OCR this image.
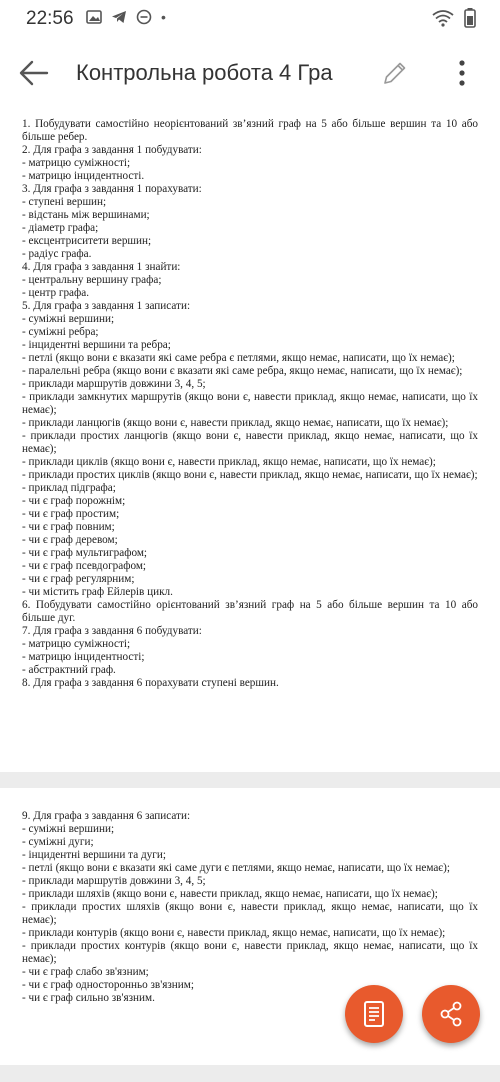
22:56	•
Контрольна робота 4 Гра

1. Побудувати самостійно неорієнтований зв’язний граф на 5 або більше вершин та 10 або більше ребер.

2. Для графа з завдання 1 побудувати:

- матрицю суміжності;

- матрицю інцидентності.

3. Для графа з завдання 1 порахувати:

- ступені вершин;

- відстань між вершинами;

- діаметр графа;

- ексцентриситети вершин;

- радіус графа.

4. Для графа з завдання 1 знайти:

- центральну вершину графа;

- центр графа.

5. Для графа з завдання 1 записати:

- суміжні вершини;

- суміжні ребра;

- інцидентні вершини та ребра;

- петлі (якщо вони є вказати які саме ребра є петлями, якщо немає, написати, що їх немає);

- паралельні ребра (якщо вони є вказати які саме ребра, якщо немає, написати, що їх немає);

- приклади маршрутів довжини 3, 4, 5;

- приклади замкнутих маршрутів (якщо вони є, навести приклад, якщо немає, написати, що їх немає);

- приклади ланцюгів (якщо вони є, навести приклад, якщо немає, написати, що їх немає);

- приклади простих ланцюгів (якщо вони є, навести приклад, якщо немає, написати, що їх немає);

- приклади циклів (якщо вони є, навести приклад, якщо немає, написати, що їх немає);

- приклади простих циклів (якщо вони є, навести приклад, якщо немає, написати, що їх немає);

- приклад підграфа;

- чи є граф порожнім;

- чи є граф простим;

- чи є граф повним;

- чи є граф деревом;

- чи є граф мультиграфом;

- чи є граф псевдографом;

- чи є граф регулярним;

- чи містить граф Ейлерів цикл.

6. Побудувати самостійно орієнтований зв’язний граф на 5 або більше вершин та 10 або більше дуг.

7. Для графа з завдання 6 побудувати:

- матрицю суміжності;

- матрицю інцидентності;

- абстрактний граф.

8. Для графа з завдання 6 порахувати ступені вершин.

9. Для графа з завдання 6 записати:

- суміжні вершини;

- суміжні дуги;

- інцидентні вершини та дуги;

- петлі (якщо вони є вказати які саме дуги є петлями, якщо немає, написати, що їх немає);

- приклади маршрутів довжини 3, 4, 5;

- приклади шляхів (якщо вони є, навести приклад, якщо немає, написати, що їх немає);

- приклади простих шляхів (якщо вони є, навести приклад, якщо немає, написати, що їх немає);

- приклади контурів (якщо вони є, навести приклад, якщо немає, написати, що їх немає);

- приклади простих контурів (якщо вони є, навести приклад, якщо немає, написати, що їх немає);

- чи є граф слабо зв'язним;

- чи є граф односторонньо зв'язним;

- чи є граф сильно зв'язним.
